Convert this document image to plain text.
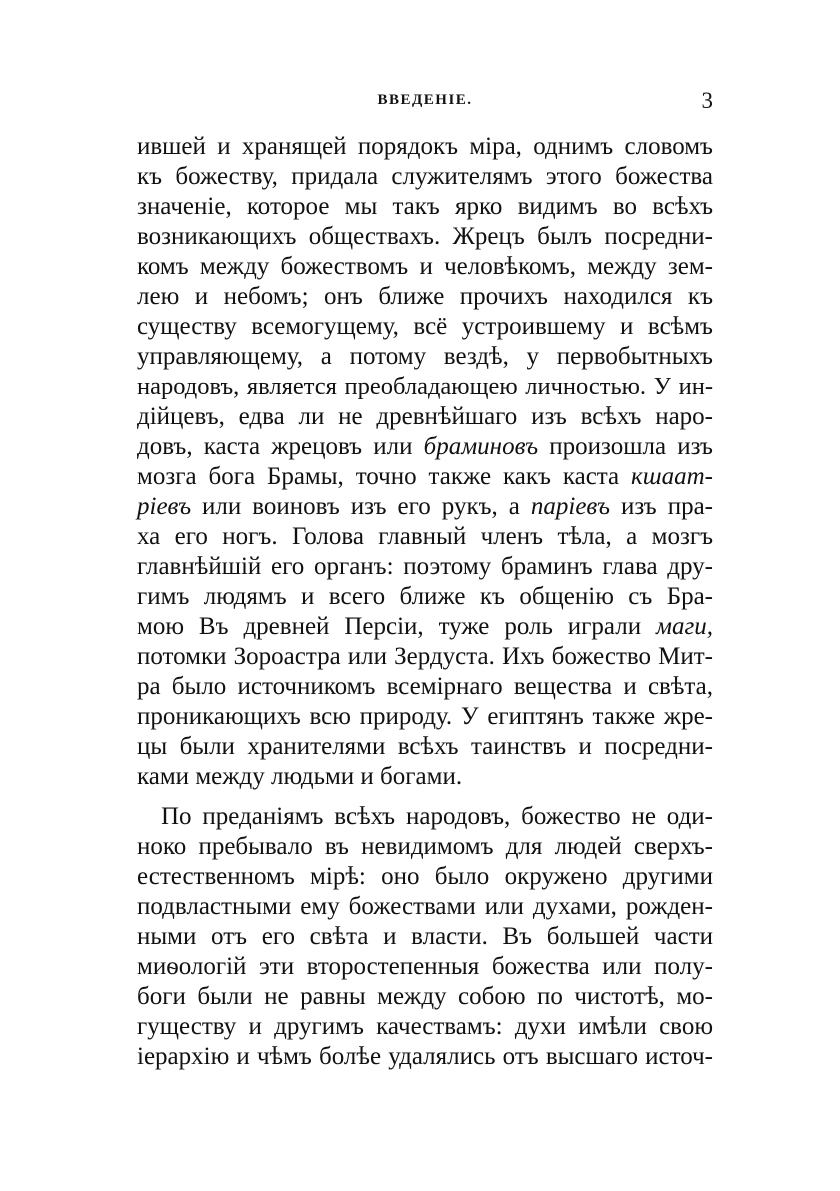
ВВЕДЕНІЕ.	3
ившей и хранящей порядокъ міра, однимъ словомъ
къ божеству, придала служителямъ этого божества
значеніе, которое мы такъ ярко видимъ во всѣхъ
возникающихъ обществахъ. Жрецъ былъ посредни-
комъ между божествомъ и человѣкомъ, между зем-
лею и небомъ; онъ ближе прочихъ находился къ
существу всемогущему, всё устроившему и всѣмъ
управляющему, а потому вездѣ, у первобытныхъ
народовъ, является преобладающею личностью. У ин-
дійцевъ, едва ли не древнѣйшаго изъ всѣхъ наро-
довъ, каста жрецовъ или браминовъ произошла изъ
мозга бога Брамы, точно также какъ каста кшаат-
ріевъ или воиновъ изъ его рукъ, а паріевъ изъ пра-
ха его ногъ. Голова главный членъ тѣла, а мозгъ
главнѣйшій его органъ: поэтому браминъ глава дру-
гимъ людямъ и всего ближе къ общенію съ Бра-
мою Въ древней Персіи, туже роль играли маги,
потомки Зороастра или Зердуста. Ихъ божество Мит-
ра было источникомъ всемірнаго вещества и свѣта,
проникающихъ всю природу. У египтянъ также жре-
цы были хранителями всѣхъ таинствъ и посредни-
ками между людьми и богами.
По преданіямъ всѣхъ народовъ, божество не оди-
ноко пребывало въ невидимомъ для людей сверхъ-
естественномъ мірѣ: оно было окружено другими
подвластными ему божествами или духами, рожден-
ными отъ его свѣта и власти. Въ большей части
миѳологій эти второстепенныя божества или полу-
боги были не равны между собою по чистотѣ, мо-
гуществу и другимъ качествамъ: духи имѣли свою
іерархію и чѣмъ болѣе удалялись отъ высшаго источ-
